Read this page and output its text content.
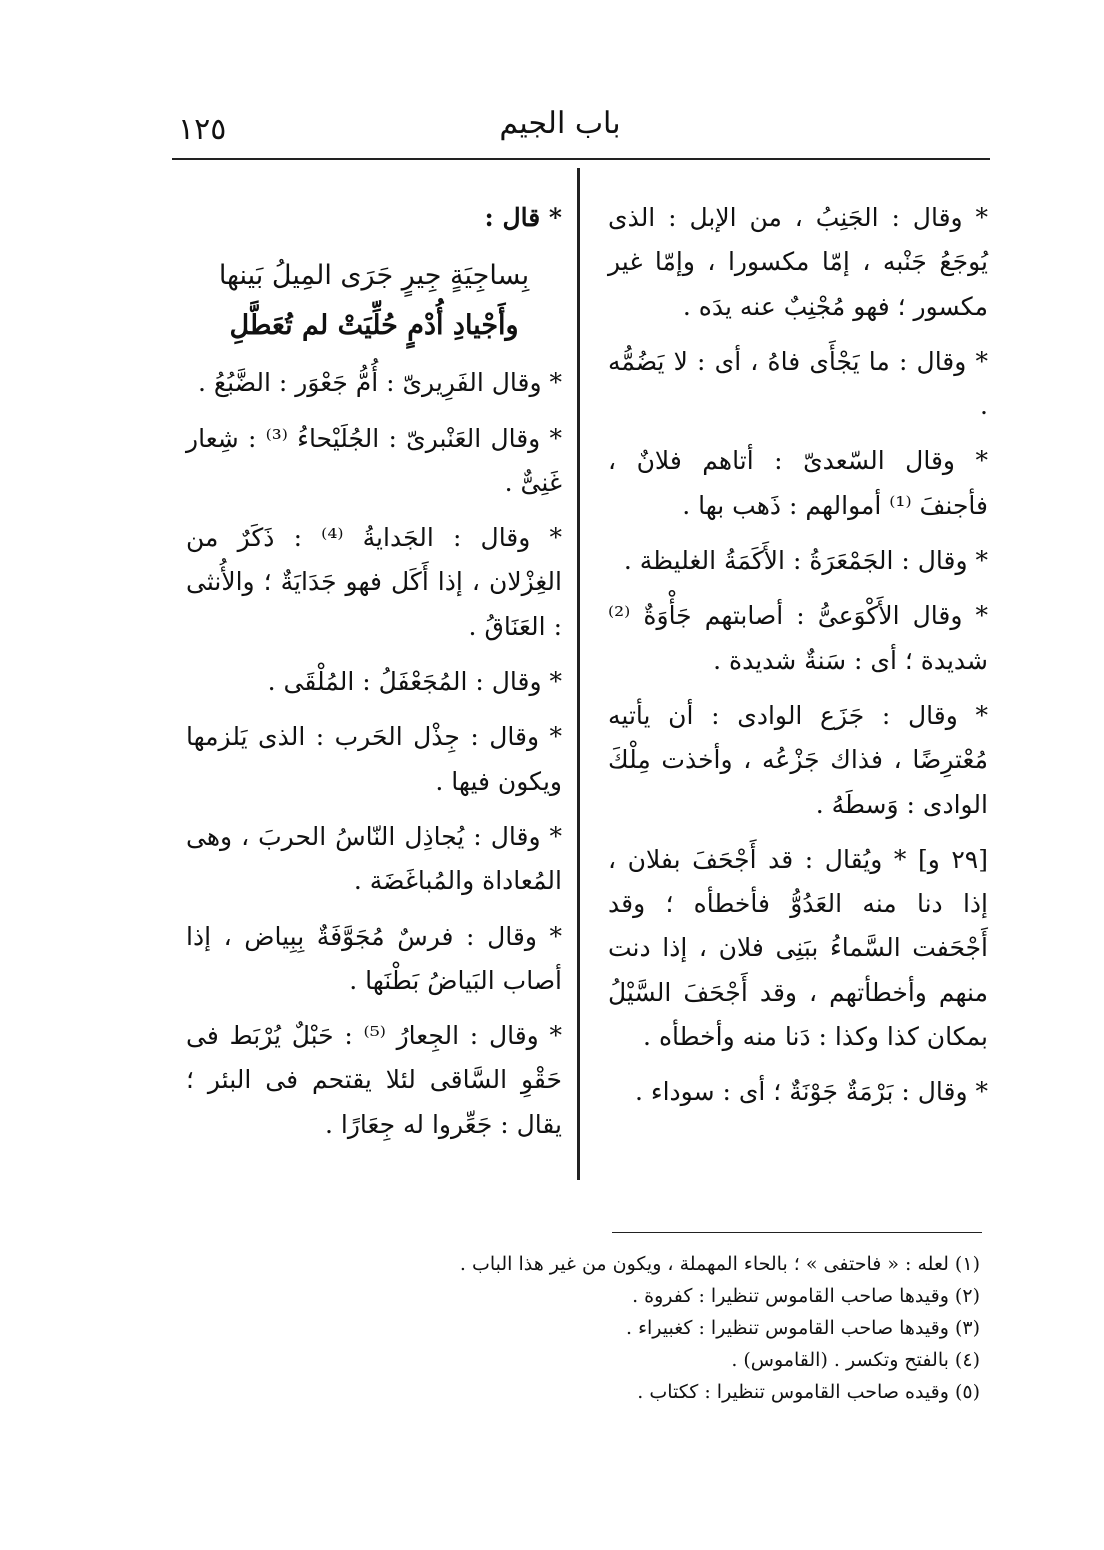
١٢٥	باب الجيم

* وقال : الجَنِبُ ، من الإبل : الذى يُوجَعُ جَنْبه ، إمّا مكسورا ، وإمّا غير مكسور ؛ فهو مُجْنِبٌ عنه يدَه .

* وقال : ما يَجْأَى فاهُ ، أى : لا يَضُمُّه .

* وقال السّعدىّ : أتاهم فلانٌ ، فأجنفَ ⁽¹⁾ أموالهم : ذَهب بها .

* وقال : الجَمْعَرَةُ : الأَكَمَةُ الغليظة .

* وقال الأَكْوَعىُّ : أصابتهم جَأْوَةٌ ⁽²⁾ شديدة ؛ أى : سَنةٌ شديدة .

* وقال : جَزَع الوادى : أن يأتيه مُعْترِضًا ، فذاك جَزْعُه ، وأخذت مِلْكَ الوادى : وَسطَهُ .

[٢٩ و] * ويُقال : قد أَجْحَفَ بفلان ، إذا دنا منه العَدُوُّ فأخطأه ؛ وقد أَجْحَفت السَّماءُ ببَنِى فلان ، إذا دنت منهم وأخطأتهم ، وقد أَجْحَفَ السَّيْلُ بمكان كذا وكذا : دَنا منه وأخطأه .

* وقال : بَرْمَةٌ جَوْنَةٌ ؛ أى : سوداء .

* قال :

بِساجِيَةٍ جِيرٍ جَرَى المِيلُ بَينها

وأَجْيادِ أُدْمٍ حُلِّيَتْ لم تُعَطَّلِ

* وقال الفَرِيرىّ : أُمُّ جَعْوَر : الضَّبُعُ .

* وقال العَنْبرىّ : الجُلَيْحاءُ ⁽³⁾ : شِعار غَنِىٌّ .

* وقال : الجَدايةُ ⁽⁴⁾ : ذَكَرٌ من الغِزْلان ، إذا أَكَل فهو جَدَايَةٌ ؛ والأُنثى : العَنَاقُ .

* وقال : المُجَعْفَلُ : المُلْقَى .

* وقال : جِذْل الحَرب : الذى يَلزمها ويكون فيها .

* وقال : يُجاذِل النّاسُ الحربَ ، وهى المُعاداة والمُباغَضَة .

* وقال : فرسٌ مُجَوَّفَةٌ بِبِياض ، إذا أصاب البَياضُ بَطْنَها .

* وقال : الجِعارُ ⁽⁵⁾ : حَبْلٌ يُرْبَط فى حَقْوِ السَّاقى لئلا يقتحم فى البئر ؛ يقال : جَعِّروا له جِعَارًا .

(١) لعله : « فاحتفى » ؛ بالحاء المهملة ، ويكون من غير هذا الباب .

(٢) وقيدها صاحب القاموس تنظيرا : كفروة .

(٣) وقيدها صاحب القاموس تنظيرا : كغبيراء .

(٤) بالفتح وتكسر . (القاموس) .

(٥) وقيده صاحب القاموس تنظيرا : ككتاب .
